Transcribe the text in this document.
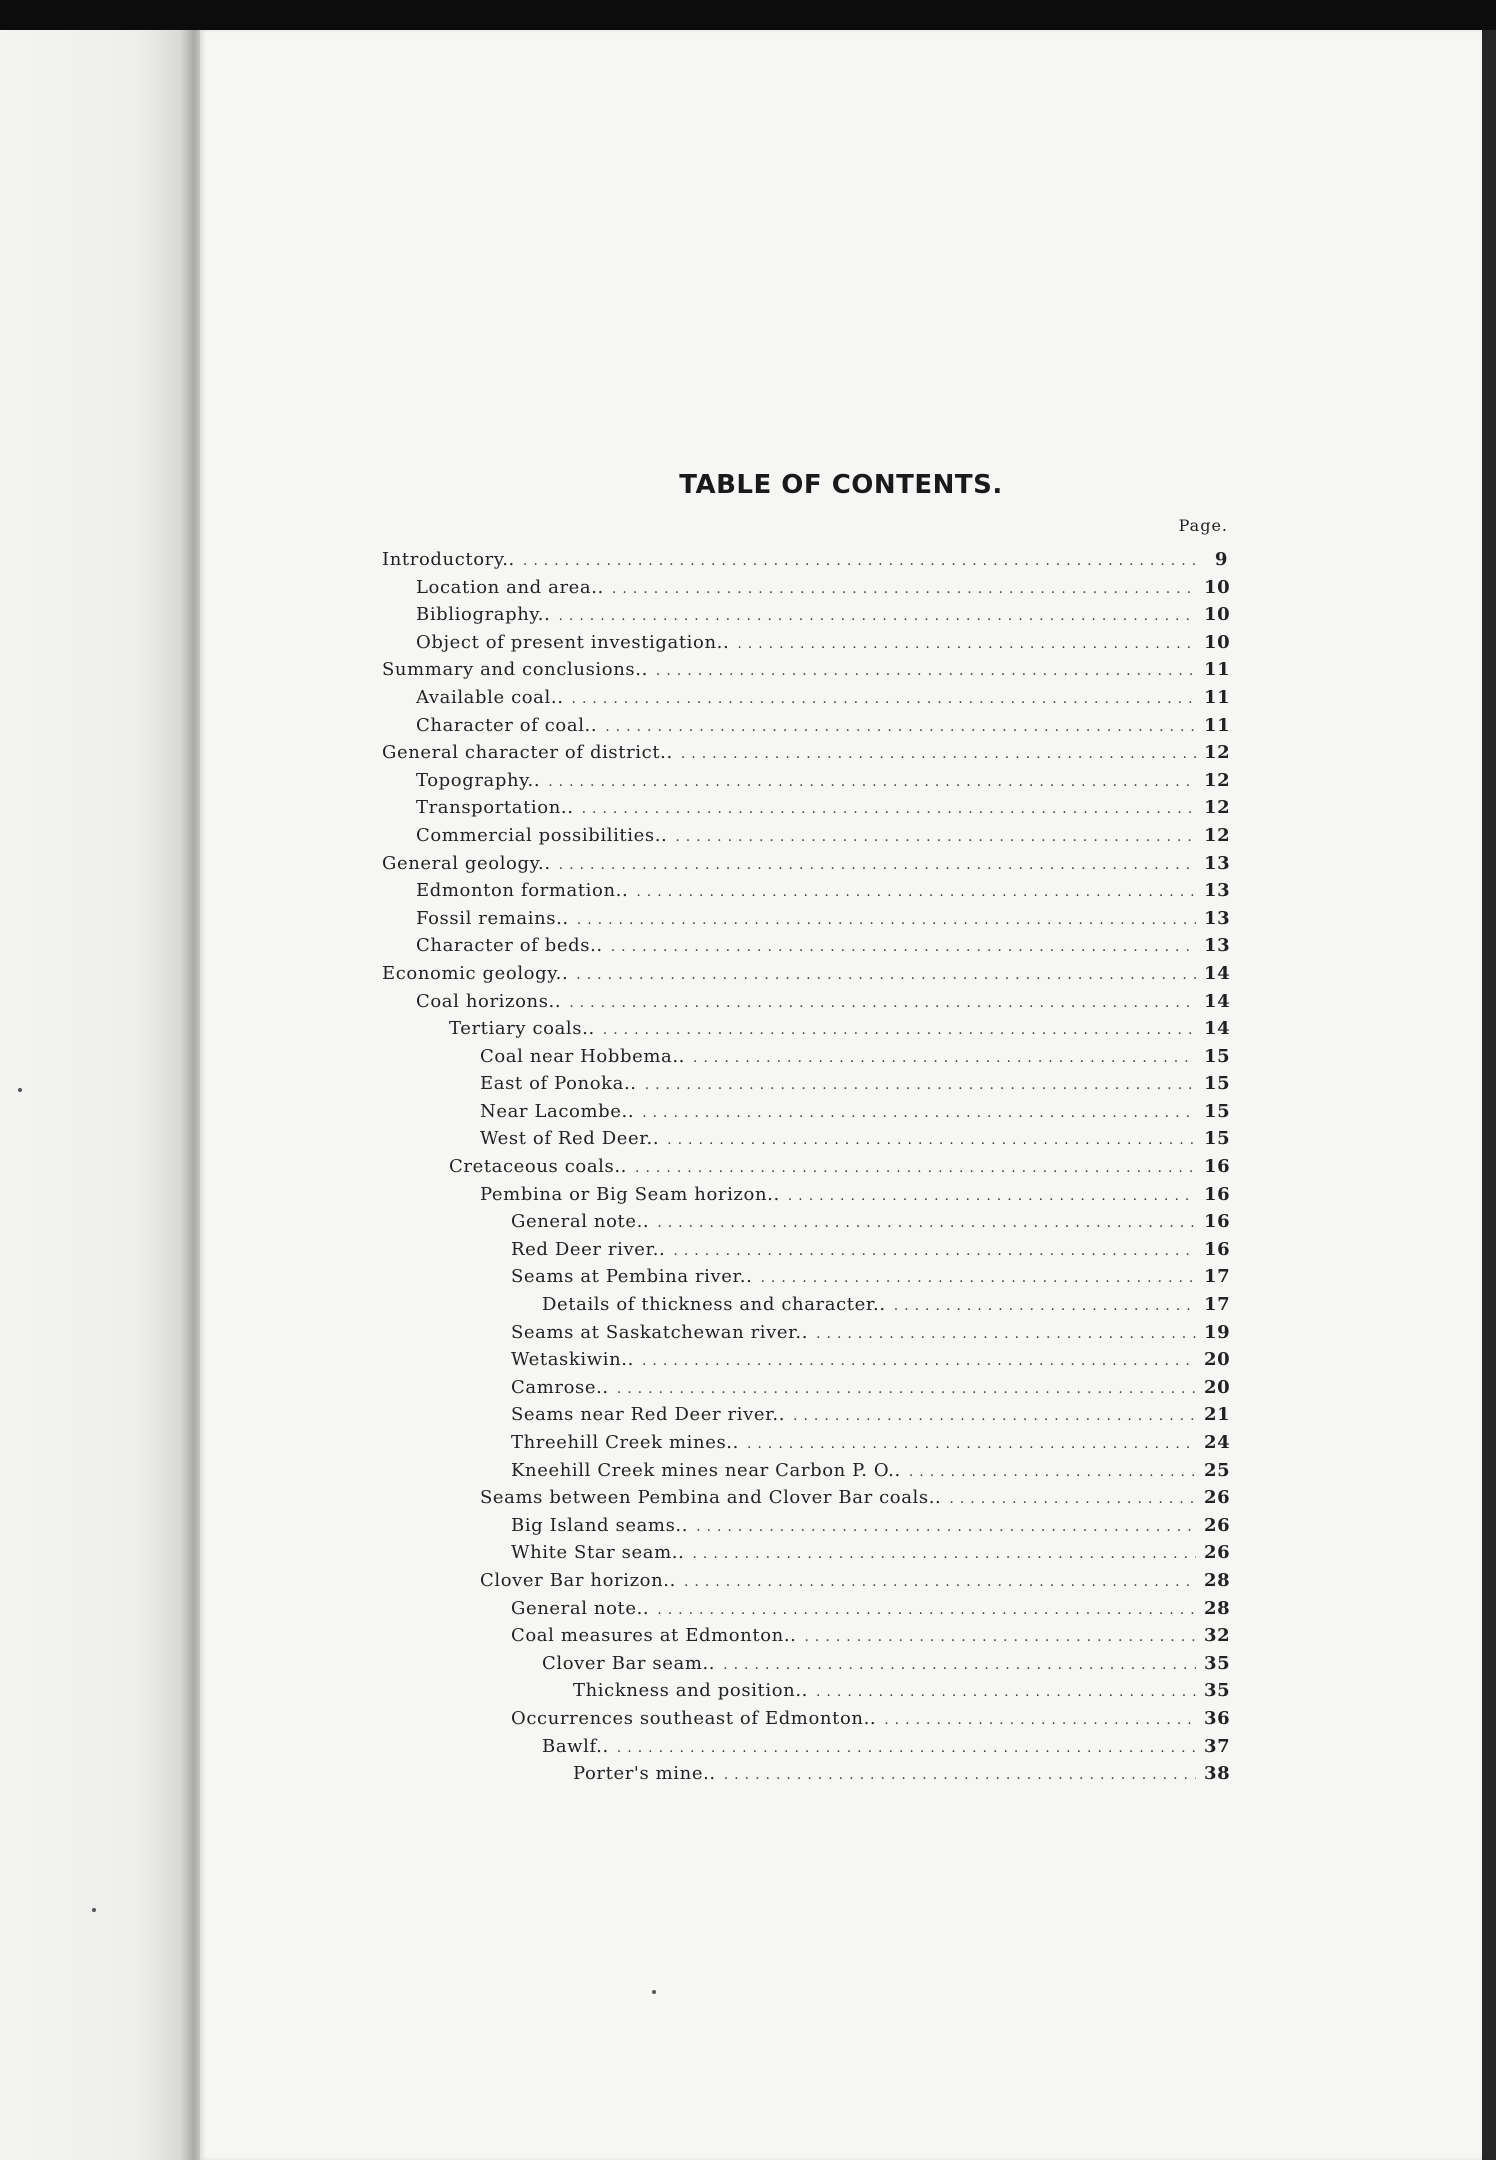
TABLE OF CONTENTS.
Page.
Introductory.. .....	9
Location and area.. .....	10
Bibliography.. .....	10
Object of present investigation.. .....	10
Summary and conclusions.. .....	11
Available coal.. .....	11
Character of coal.. .....	11
General character of district.. .....	12
Topography.. .....	12
Transportation.. .....	12
Commercial possibilities.. .....	12
General geology.. .....	13
Edmonton formation.. .....	13
Fossil remains.. .....	13
Character of beds.. .....	13
Economic geology.. .....	14
Coal horizons.. .....	14
Tertiary coals.. .....	14
Coal near Hobbema.. .....	15
East of Ponoka.. .....	15
Near Lacombe.. .....	15
West of Red Deer.. .....	15
Cretaceous coals.. .....	16
Pembina or Big Seam horizon.. .....	16
General note.. .....	16
Red Deer river.. .....	16
Seams at Pembina river.. .....	17
Details of thickness and character.. .....	17
Seams at Saskatchewan river.. .....	19
Wetaskiwin.. .....	20
Camrose.. .....	20
Seams near Red Deer river.. .....	21
Threehill Creek mines.. .....	24
Kneehill Creek mines near Carbon P. O.. .....	25
Seams between Pembina and Clover Bar coals.. .....	26
Big Island seams.. .....	26
White Star seam.. .....	26
Clover Bar horizon.. .....	28
General note.. .....	28
Coal measures at Edmonton.. .....	32
Clover Bar seam.. .....	35
Thickness and position.. .....	35
Occurrences southeast of Edmonton.. .....	36
Bawlf.. .....	37
Porter's mine.. .....	38
